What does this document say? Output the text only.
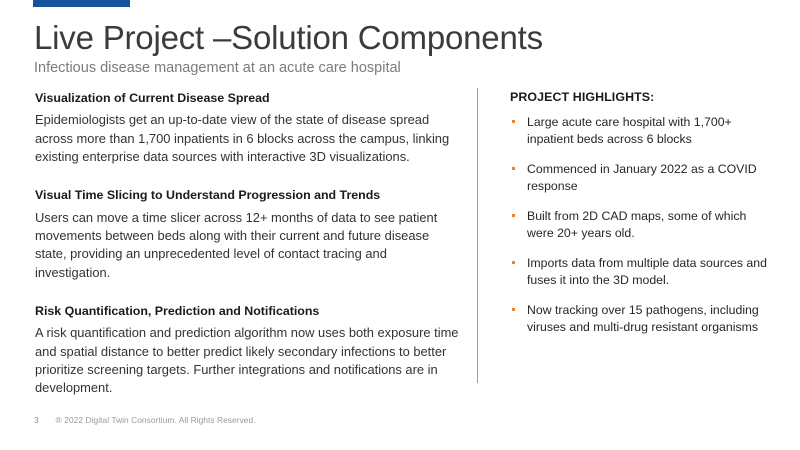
Live Project –Solution Components
Infectious disease management at an acute care hospital
Visualization of Current Disease Spread
Epidemiologists get an up-to-date view of the state of disease spread across more than 1,700 inpatients in 6 blocks across the campus, linking existing enterprise data sources with interactive 3D visualizations.
Visual Time Slicing to Understand Progression and Trends
Users can move a time slicer across 12+ months of data to see patient movements between beds along with their current and future disease state, providing an unprecedented level of contact tracing and investigation.
Risk Quantification, Prediction and Notifications
A risk quantification and prediction algorithm now uses both exposure time and spatial distance to better predict likely secondary infections to better prioritize screening targets. Further integrations and notifications are in development.
PROJECT HIGHLIGHTS:
Large acute care hospital with 1,700+ inpatient beds across 6 blocks
Commenced in January 2022 as a COVID response
Built from 2D CAD maps, some of which were 20+ years old.
Imports data from multiple data sources and fuses it into the 3D model.
Now tracking over 15 pathogens, including viruses and multi-drug resistant organisms
3 ® 2022 Digital Twin Consortium. All Rights Reserved.
